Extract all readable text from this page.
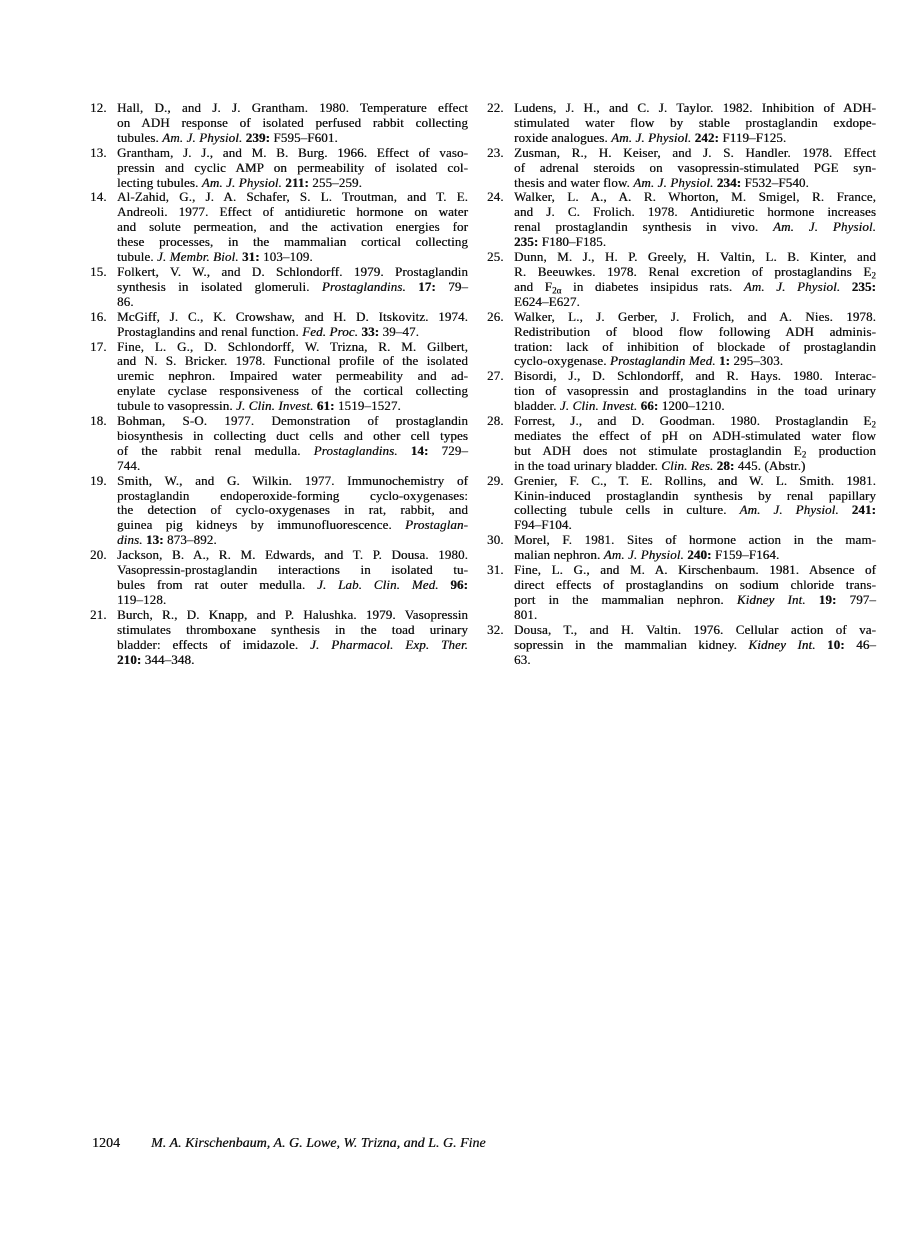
12. Hall, D., and J. J. Grantham. 1980. Temperature effect
on ADH response of isolated perfused rabbit collecting
tubules. Am. J. Physiol. 239: F595–F601.
13. Grantham, J. J., and M. B. Burg. 1966. Effect of vaso-
pressin and cyclic AMP on permeability of isolated col-
lecting tubules. Am. J. Physiol. 211: 255–259.
14. Al-Zahid, G., J. A. Schafer, S. L. Troutman, and T. E.
Andreoli. 1977. Effect of antidiuretic hormone on water
and solute permeation, and the activation energies for
these processes, in the mammalian cortical collecting
tubule. J. Membr. Biol. 31: 103–109.
15. Folkert, V. W., and D. Schlondorff. 1979. Prostaglandin
synthesis in isolated glomeruli. Prostaglandins. 17: 79–
86.
16. McGiff, J. C., K. Crowshaw, and H. D. Itskovitz. 1974.
Prostaglandins and renal function. Fed. Proc. 33: 39–47.
17. Fine, L. G., D. Schlondorff, W. Trizna, R. M. Gilbert,
and N. S. Bricker. 1978. Functional profile of the isolated
uremic nephron. Impaired water permeability and ad-
enylate cyclase responsiveness of the cortical collecting
tubule to vasopressin. J. Clin. Invest. 61: 1519–1527.
18. Bohman, S-O. 1977. Demonstration of prostaglandin
biosynthesis in collecting duct cells and other cell types
of the rabbit renal medulla. Prostaglandins. 14: 729–
744.
19. Smith, W., and G. Wilkin. 1977. Immunochemistry of
prostaglandin endoperoxide-forming cyclo-oxygenases:
the detection of cyclo-oxygenases in rat, rabbit, and
guinea pig kidneys by immunofluorescence. Prostaglan-
dins. 13: 873–892.
20. Jackson, B. A., R. M. Edwards, and T. P. Dousa. 1980.
Vasopressin-prostaglandin interactions in isolated tu-
bules from rat outer medulla. J. Lab. Clin. Med. 96:
119–128.
21. Burch, R., D. Knapp, and P. Halushka. 1979. Vasopressin
stimulates thromboxane synthesis in the toad urinary
bladder: effects of imidazole. J. Pharmacol. Exp. Ther.
210: 344–348.
22. Ludens, J. H., and C. J. Taylor. 1982. Inhibition of ADH-
stimulated water flow by stable prostaglandin exdope-
roxide analogues. Am. J. Physiol. 242: F119–F125.
23. Zusman, R., H. Keiser, and J. S. Handler. 1978. Effect
of adrenal steroids on vasopressin-stimulated PGE syn-
thesis and water flow. Am. J. Physiol. 234: F532–F540.
24. Walker, L. A., A. R. Whorton, M. Smigel, R. France,
and J. C. Frolich. 1978. Antidiuretic hormone increases
renal prostaglandin synthesis in vivo. Am. J. Physiol.
235: F180–F185.
25. Dunn, M. J., H. P. Greely, H. Valtin, L. B. Kinter, and
R. Beeuwkes. 1978. Renal excretion of prostaglandins $E_2$
and $F_{2\alpha}$ in diabetes insipidus rats. Am. J. Physiol. 235:
E624–E627.
26. Walker, L., J. Gerber, J. Frolich, and A. Nies. 1978.
Redistribution of blood flow following ADH adminis-
tration: lack of inhibition of blockade of prostaglandin
cyclo-oxygenase. Prostaglandin Med. 1: 295–303.
27. Bisordi, J., D. Schlondorff, and R. Hays. 1980. Interac-
tion of vasopressin and prostaglandins in the toad urinary
bladder. J. Clin. Invest. 66: 1200–1210.
28. Forrest, J., and D. Goodman. 1980. Prostaglandin $E_2$
mediates the effect of pH on ADH-stimulated water flow
but ADH does not stimulate prostaglandin $E_2$ production
in the toad urinary bladder. Clin. Res. 28: 445. (Abstr.)
29. Grenier, F. C., T. E. Rollins, and W. L. Smith. 1981.
Kinin-induced prostaglandin synthesis by renal papillary
collecting tubule cells in culture. Am. J. Physiol. 241:
F94–F104.
30. Morel, F. 1981. Sites of hormone action in the mam-
malian nephron. Am. J. Physiol. 240: F159–F164.
31. Fine, L. G., and M. A. Kirschenbaum. 1981. Absence of
direct effects of prostaglandins on sodium chloride trans-
port in the mammalian nephron. Kidney Int. 19: 797–
801.
32. Dousa, T., and H. Valtin. 1976. Cellular action of va-
sopressin in the mammalian kidney. Kidney Int. 10: 46–
63.
1204 M. A. Kirschenbaum, A. G. Lowe, W. Trizna, and L. G. Fine
